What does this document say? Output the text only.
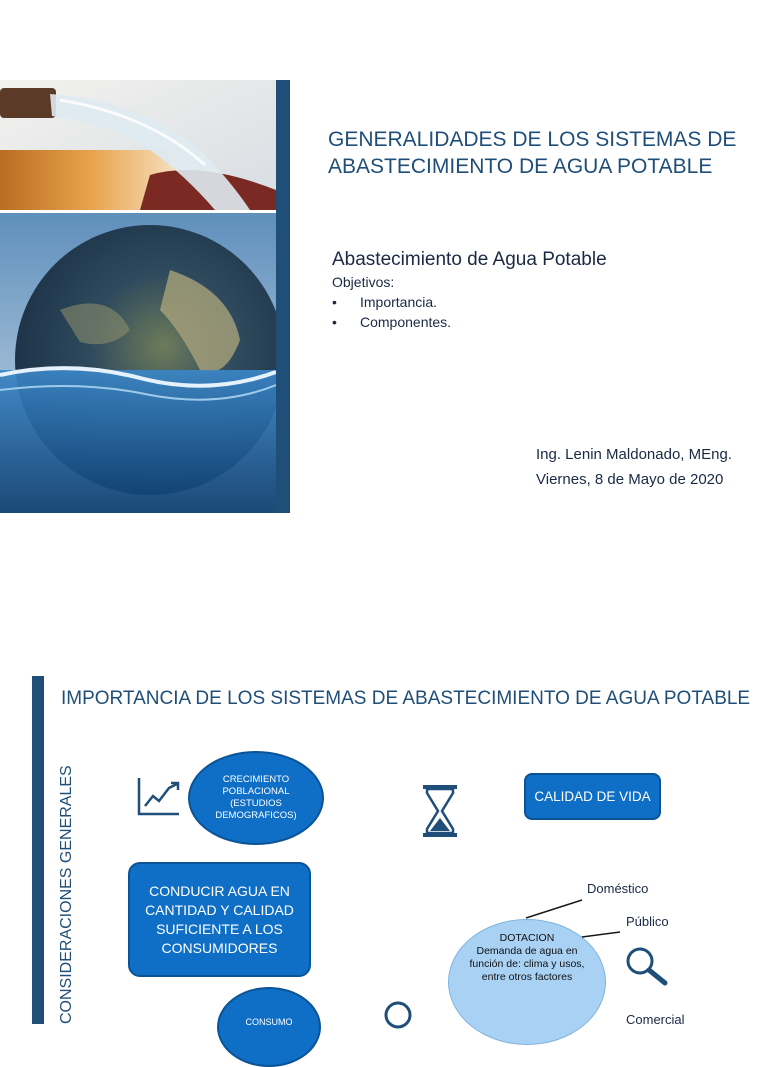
GENERALIDADES DE LOS SISTEMAS DE ABASTECIMIENTO DE AGUA POTABLE
Abastecimiento de Agua Potable
Objetivos:
•	Importancia.
•	Componentes.
Ing. Lenin Maldonado, MEng.
Viernes, 8 de Mayo de 2020
IMPORTANCIA DE LOS SISTEMAS DE ABASTECIMIENTO DE AGUA POTABLE
CONSIDERACIONES GENERALES	CRECIMIENTO POBLACIONAL (ESTUDIOS DEMOGRAFICOS)
CONDUCIR AGUA EN CANTIDAD Y CALIDAD SUFICIENTE A LOS CONSUMIDORES
CALIDAD DE VIDA
CONSUMO
DOTACION
Demanda de agua en función de: clima y usos, entre otros factores
Doméstico
Público
Comercial
